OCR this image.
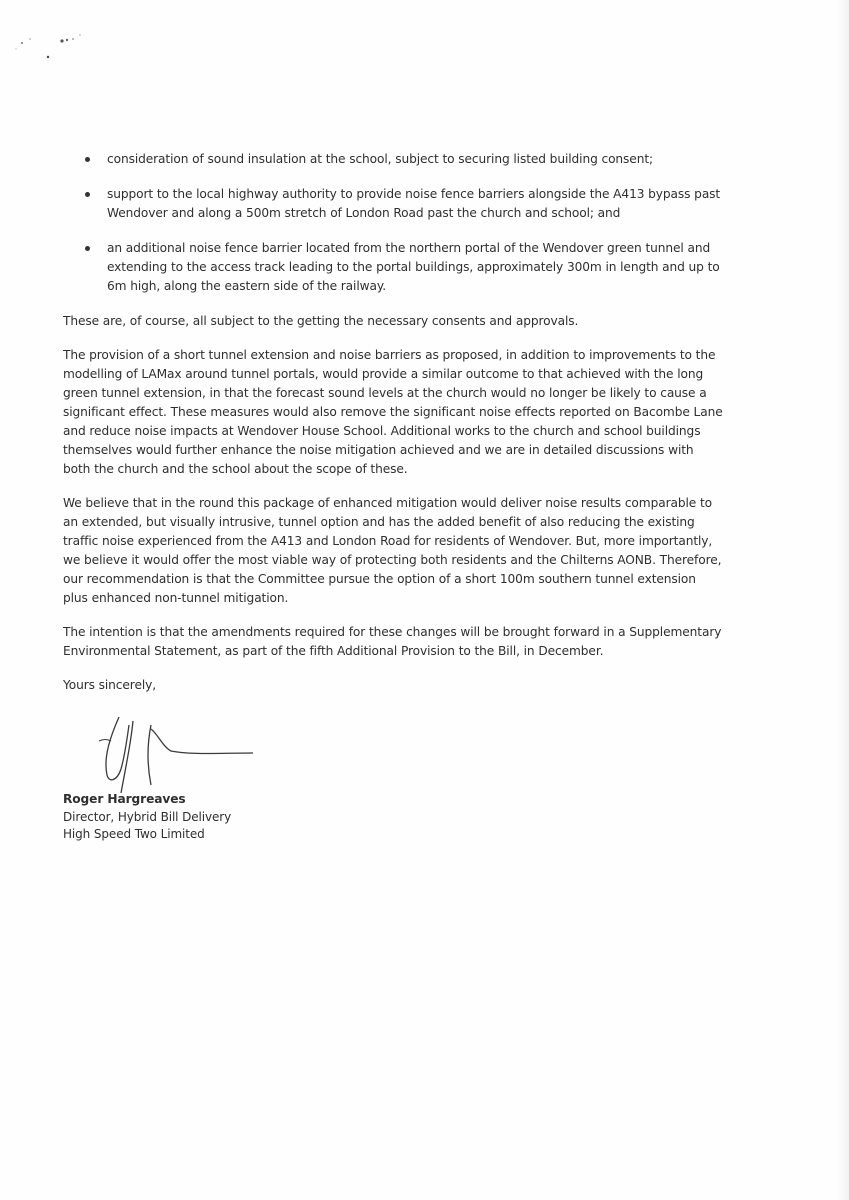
consideration of sound insulation at the school, subject to securing listed building consent;
support to the local highway authority to provide noise fence barriers alongside the A413 bypass past Wendover and along a 500m stretch of London Road past the church and school; and
an additional noise fence barrier located from the northern portal of the Wendover green tunnel and extending to the access track leading to the portal buildings, approximately 300m in length and up to 6m high, along the eastern side of the railway.

These are, of course, all subject to the getting the necessary consents and approvals.

The provision of a short tunnel extension and noise barriers as proposed, in addition to improvements to the modelling of LAMax around tunnel portals, would provide a similar outcome to that achieved with the long green tunnel extension, in that the forecast sound levels at the church would no longer be likely to cause a significant effect. These measures would also remove the significant noise effects reported on Bacombe Lane and reduce noise impacts at Wendover House School. Additional works to the church and school buildings themselves would further enhance the noise mitigation achieved and we are in detailed discussions with both the church and the school about the scope of these.

We believe that in the round this package of enhanced mitigation would deliver noise results comparable to an extended, but visually intrusive, tunnel option and has the added benefit of also reducing the existing traffic noise experienced from the A413 and London Road for residents of Wendover. But, more importantly, we believe it would offer the most viable way of protecting both residents and the Chilterns AONB. Therefore, our recommendation is that the Committee pursue the option of a short 100m southern tunnel extension plus enhanced non-tunnel mitigation.

The intention is that the amendments required for these changes will be brought forward in a Supplementary Environmental Statement, as part of the fifth Additional Provision to the Bill, in December.

Yours sincerely,
Roger Hargreaves
Director, Hybrid Bill Delivery
High Speed Two Limited
